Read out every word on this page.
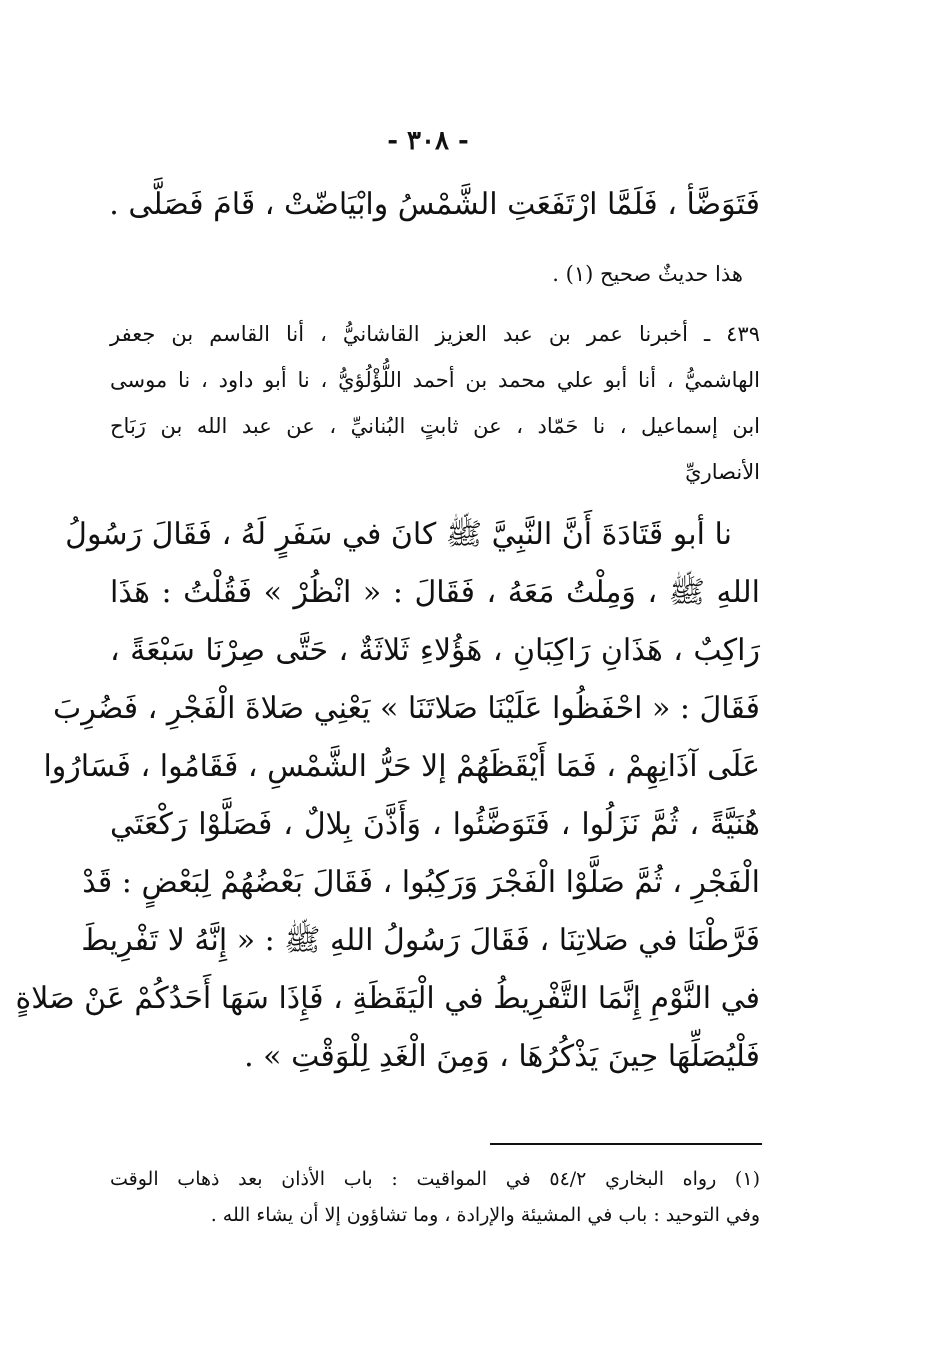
- ٣٠٨ -
فَتَوَضَّأ ، فَلَمَّا ارْتَفَعَتِ الشَّمْسُ وابْيَاضّتْ ، قَامَ فَصَلَّى .
هذا حديثٌ صحيح (١) .
٤٣٩ ـ أخبرنا عمر بن عبد العزيز القاشانيُّ ، أنا القاسم بن جعفر
الهاشميُّ ، أنا أبو علي محمد بن أحمد اللُّؤْلُؤيُّ ، نا أبو داود ، نا موسى
ابن إسماعيل ، نا حَمّاد ، عن ثابتٍ البُنانيِّ ، عن عبد الله بن رَبَاح
الأنصاريِّ
نا أبو قَتَادَةَ أَنَّ النَّبِيَّ ﷺ كانَ في سَفَرٍ لَهُ ، فَقَالَ رَسُولُ
اللهِ ﷺ ، وَمِلْتُ مَعَهُ ، فَقَالَ : « انْظُرْ » فَقُلْتُ : هَذَا
رَاكِبٌ ، هَذَانِ رَاكِبَانِ ، هَؤُلاءِ ثَلاثَةٌ ، حَتَّى صِرْنَا سَبْعَةً ،
فَقَالَ : « احْفَظُوا عَلَيْنَا صَلاتَنَا » يَعْنِي صَلاةَ الْفَجْرِ ، فَضُرِبَ
عَلَى آذَانِهِمْ ، فَمَا أَيْقَظَهُمْ إلا حَرُّ الشَّمْسِ ، فَقَامُوا ، فَسَارُوا
هُنَيَّةً ، ثُمَّ نَزَلُوا ، فَتَوَضَّئُوا ، وَأَذَّنَ بِلالٌ ، فَصَلَّوْا رَكْعَتَي
الْفَجْرِ ، ثُمَّ صَلَّوْا الْفَجْرَ وَرَكِبُوا ، فَقَالَ بَعْضُهُمْ لِبَعْضٍ : قَدْ
فَرَّطْنَا في صَلاتِنَا ، فَقَالَ رَسُولُ اللهِ ﷺ : « إِنَّهُ لا تَفْرِيطَ
في النَّوْمِ إِنَّمَا التَّفْرِيطُ في الْيَقَظَةِ ، فَإِذَا سَهَا أَحَدُكُمْ عَنْ صَلاةٍ
فَلْيُصَلِّهَا حِينَ يَذْكُرُهَا ، وَمِنَ الْغَدِ لِلْوَقْتِ » .
(١) رواه البخاري ٥٤/٢ في المواقيت : باب الأذان بعد ذهاب الوقت
وفي التوحيد : باب في المشيئة والإرادة ، وما تشاؤون إلا أن يشاء الله .
